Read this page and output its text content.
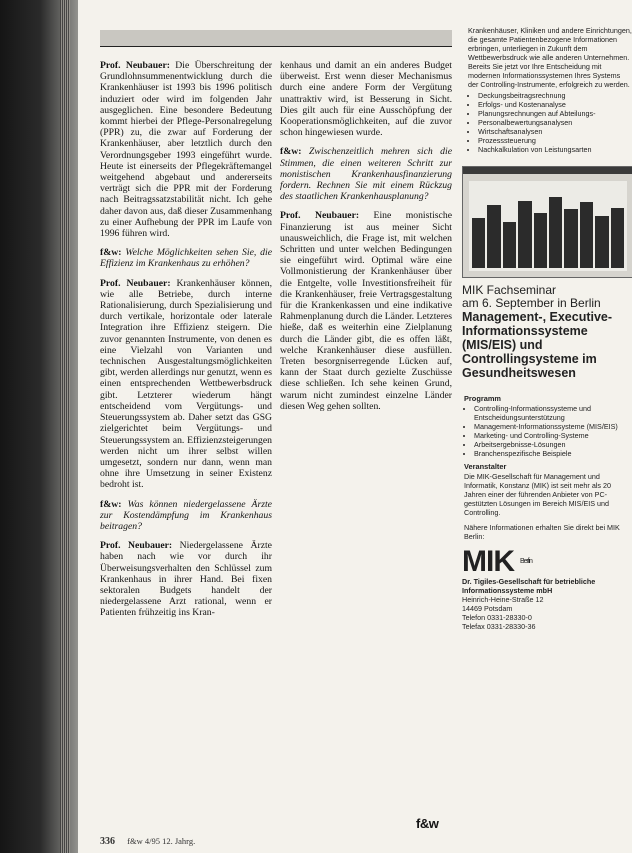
Prof. Neubauer: Die Überschreitung der Grundlohnsummenentwicklung durch die Krankenhäuser ist 1993 bis 1996 politisch induziert oder wird im folgenden Jahr ausgeglichen. Eine besondere Bedeutung kommt hierbei der Pflege-Personalregelung (PPR) zu, die zwar auf Forderung der Krankenhäuser, aber letztlich durch den Verordnungsgeber 1993 eingeführt wurde. Heute ist einerseits der Pflegekräftemangel weitgehend abgebaut und andererseits verträgt sich die PPR mit der Forderung nach Beitragssatzstabilität nicht. Ich gehe daher davon aus, daß dieser Zusammenhang zu einer Aufhebung der PPR im Laufe von 1996 führen wird.

f&w: Welche Möglichkeiten sehen Sie, die Effizienz im Krankenhaus zu erhöhen?

Prof. Neubauer: Krankenhäuser können, wie alle Betriebe, durch interne Rationalisierung, durch Spezialisierung und durch vertikale, horizontale oder laterale Integration ihre Effizienz steigern. Die zuvor genannten Instrumente, von denen es eine Vielzahl von Varianten und technischen Ausgestaltungsmöglichkeiten gibt, werden allerdings nur genutzt, wenn es einen entsprechenden Wettbewerbsdruck gibt. Letzterer wiederum hängt entscheidend vom Vergütungs- und Steuerungssystem ab. Daher setzt das GSG zielgerichtet beim Vergütungs- und Steuerungssystem an. Effizienzsteigerungen werden nicht um ihrer selbst willen umgesetzt, sondern nur dann, wenn man ohne ihre Umsetzung in seiner Existenz bedroht ist.

f&w: Was können niedergelassene Ärzte zur Kostendämpfung im Krankenhaus beitragen?

Prof. Neubauer: Niedergelassene Ärzte haben nach wie vor durch ihr Überweisungsverhalten den Schlüssel zum Krankenhaus in ihrer Hand. Bei fixen sektoralen Budgets handelt der niedergelassene Arzt rational, wenn er Patienten frühzeitig ins Kran-

kenhaus und damit an ein anderes Budget überweist. Erst wenn dieser Mechanismus durch eine andere Form der Vergütung unattraktiv wird, ist Besserung in Sicht. Dies gilt auch für eine Ausschöpfung der Kooperationsmöglichkeiten, auf die zuvor schon hingewiesen wurde.

f&w: Zwischenzeitlich mehren sich die Stimmen, die einen weiteren Schritt zur monistischen Krankenhausfinanzierung fordern. Rechnen Sie mit einem Rückzug des staatlichen Krankenhausplanung?

Prof. Neubauer: Eine monistische Finanzierung ist aus meiner Sicht unausweichlich, die Frage ist, mit welchen Schritten und unter welchen Bedingungen sie eingeführt wird. Optimal wäre eine Vollmonistierung der Krankenhäuser über die Entgelte, volle Investitionsfreiheit für die Krankenhäuser, freie Vertragsgestaltung für die Krankenkassen und eine indikative Rahmenplanung durch die Länder. Letzteres hieße, daß es weiterhin eine Zielplanung durch die Länder gibt, die es offen läßt, welche Krankenhäuser diese ausfüllen. Treten besorgniserregende Lücken auf, kann der Staat durch gezielte Zuschüsse diese schließen. Ich sehe keinen Grund, warum nicht zumindest einzelne Länder diesen Weg gehen sollten.

f&w
336 f&w 4/95 12. Jahrg.
Krankenhäuser, Kliniken und andere Einrichtungen, die gesamte Patientenbezogene Informationen erbringen, unterliegen in Zukunft dem Wettbewerbsdruck wie alle anderen Unternehmen. Bereits Sie jetzt vor Ihre Entscheidung mit modernen Informationssystemen Ihres Systems der Controlling-Instrumente, erfolgreich zu werden.
• Deckungsbeitragsrechnung
• Erfolgs- und Kostenanalyse
• Planungsrechnungen auf Abteilungs-
• Personalbewertungsanalysen
• Wirtschaftsanalysen
• Prozesssteuerung
• Nachkalkulation von Leistungsarten
MIK Fachseminar
am 6. September in Berlin
Management-, Executive-Informationssysteme (MIS/EIS) und Controllingsysteme im Gesundheitswesen
Programm
• Controlling-Informationssysteme und Entscheidungsunterstützung
• Management-Informationssysteme (MIS/EIS)
• Marketing- und Controlling-Systeme
• Arbeitsergebnisse-Lösungen
• Branchenspezifische Beispiele
Veranstalter

Die MIK-Gesellschaft für Management und Informatik, Konstanz (MIK) ist seit mehr als 20 Jahren einer der führenden Anbieter von PC-gestützten Lösungen im Bereich MIS/EIS und Controlling.

Nähere Informationen erhalten Sie direkt bei MIK Berlin:

MIK $^{Berlin}$
Dr. Tigiles-Gesellschaft für betriebliche Informationssysteme mbH
Heinrich-Heine-Straße 12
14469 Potsdam
Telefon 0331-28330-0
Telefax 0331-28330-36
